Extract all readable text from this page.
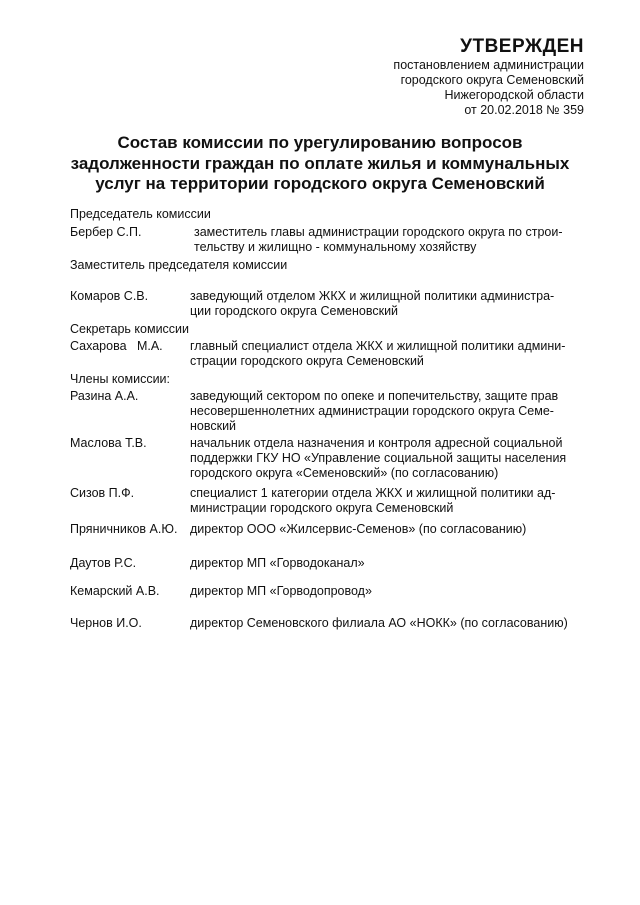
УТВЕРЖДЕН
постановлением администрации
городского округа Семеновский
Нижегородской области
от 20.02.2018 № 359
Состав комиссии по урегулированию вопросов
задолженности граждан по оплате жилья и коммунальных
услуг на территории городского округа Семеновский
Председатель комиссии
Бербер С.П.	заместитель главы администрации городского округа по строи-
тельству и жилищно - коммунальному хозяйству
Заместитель председателя комиссии
Комаров С.В.	заведующий отделом ЖКХ и жилищной политики администра-
ции городского округа Семеновский
Секретарь комиссии
Сахарова   М.А. главный специалист отдела ЖКХ и жилищной политики админи-
страции городского округа Семеновский
Члены комиссии:
Разина А.А.	заведующий сектором по опеке и попечительству, защите прав
несовершеннолетних администрации городского округа Семе-
новский
Маслова Т.В.	начальник отдела назначения и контроля адресной социальной
поддержки ГКУ НО «Управление социальной защиты населения
городского округа «Семеновский» (по согласованию)
Сизов П.Ф.	специалист 1 категории отдела ЖКХ и жилищной политики ад-
министрации городского округа Семеновский
Пряничников А.Ю. директор ООО «Жилсервис-Семенов» (по согласованию)
Даутов Р.С.	директор МП «Горводоканал»
Кемарский А.В. директор МП «Горводопровод»
Чернов И.О.	директор Семеновского филиала АО «НОКК» (по согласованию)
